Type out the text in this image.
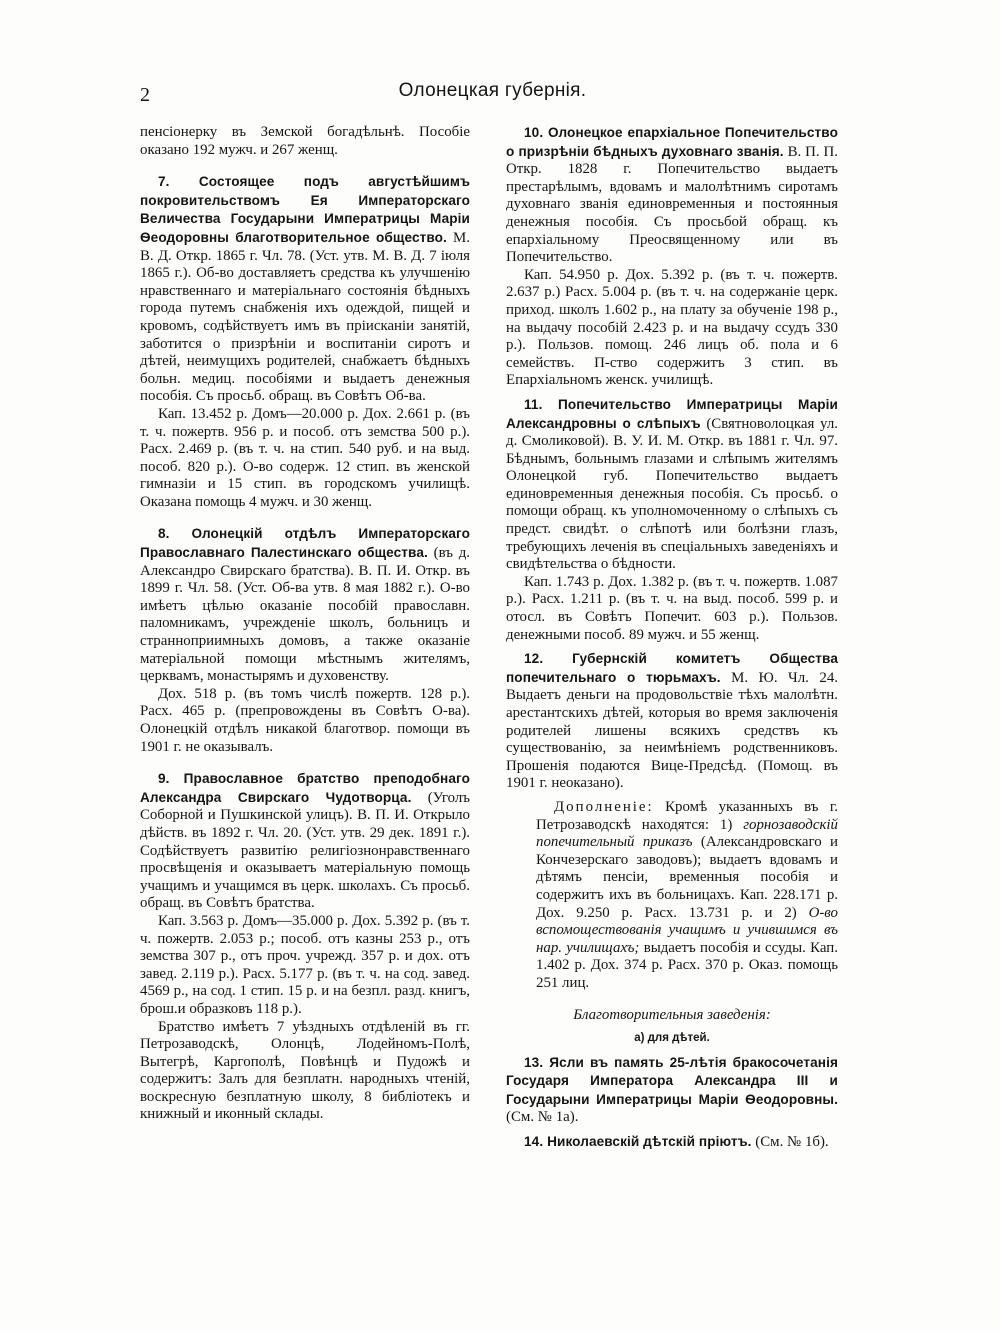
2	Олонецкая губернія.

пенсіонерку въ Земской богадѣльнѣ. Пособіе оказано 192 мужч. и 267 женщ.

7. Состоящее подъ августѣйшимъ покровительствомъ Ея Императорскаго Величества Государыни Императрицы Маріи Ѳеодоровны благотворительное общество. М. В. Д. Откр. 1865 г. Чл. 78. (Уст. утв. М. В. Д. 7 іюля 1865 г.). Об-во доставляетъ средства къ улучшенію нравственнаго и матеріальнаго состоянія бѣдныхъ города путемъ снабженія ихъ одеждой, пищей и кровомъ, содѣйствуетъ имъ въ пріисканіи занятій, заботится о призрѣніи и воспитаніи сиротъ и дѣтей, неимущихъ родителей, снабжаетъ бѣдныхъ больн. медиц. пособіями и выдаетъ денежныя пособія. Съ просьб. обращ. въ Совѣтъ Об-ва.

Кап. 13.452 р. Домъ—20.000 р. Дох. 2.661 р. (въ т. ч. пожертв. 956 р. и пособ. отъ земства 500 р.). Расх. 2.469 р. (въ т. ч. на стип. 540 руб. и на выд. пособ. 820 р.). О-во содерж. 12 стип. въ женской гимназіи и 15 стип. въ городскомъ училищѣ. Оказана помощь 4 мужч. и 30 женщ.

8. Олонецкій отдѣлъ Императорскаго Православнаго Палестинскаго общества. (въ д. Александро Свирскаго братства). В. П. И. Откр. въ 1899 г. Чл. 58. (Уст. Об-ва утв. 8 мая 1882 г.). О-во имѣетъ цѣлью оказаніе пособій православн. паломникамъ, учрежденіе школъ, больницъ и странноприимныхъ домовъ, а также оказаніе матеріальной помощи мѣстнымъ жителямъ, церквамъ, монастырямъ и духовенству.

Дох. 518 р. (въ томъ числѣ пожертв. 128 р.). Расх. 465 р. (препровождены въ Совѣтъ О-ва). Олонецкій отдѣлъ никакой благотвор. помощи въ 1901 г. не оказывалъ.

9. Православное братство преподобнаго Александра Свирскаго Чудотворца. (Уголъ Соборной и Пушкинской улицъ). В. П. И. Открыло дѣйств. въ 1892 г. Чл. 20. (Уст. утв. 29 дек. 1891 г.). Содѣйствуетъ развитію религіознонравственнаго просвѣщенія и оказываетъ матеріальную помощь учащимъ и учащимся въ церк. школахъ. Съ просьб. обращ. въ Совѣтъ братства.

Кап. 3.563 р. Домъ—35.000 р. Дох. 5.392 р. (въ т. ч. пожертв. 2.053 р.; пособ. отъ казны 253 р., отъ земства 307 р., отъ проч. учрежд. 357 р. и дох. отъ завед. 2.119 р.). Расх. 5.177 р. (въ т. ч. на сод. завед. 4569 р., на сод. 1 стип. 15 р. и на безпл. разд. книгъ, брош.и образковъ 118 р.).

Братство имѣетъ 7 уѣздныхъ отдѣленій въ гг. Петрозаводскѣ, Олонцѣ, Лодейномъ-Полѣ, Вытегрѣ, Каргополѣ, Повѣнцѣ и Пудожѣ и содержитъ: Залъ для безплатн. народныхъ чтеній, воскресную безплатную школу, 8 библіотекъ и книжный и иконный склады.

10. Олонецкое епархіальное Попечительство о призрѣніи бѣдныхъ духовнаго званія. В. П. П. Откр. 1828 г. Попечительство выдаетъ престарѣлымъ, вдовамъ и малолѣтнимъ сиротамъ духовнаго званія единовременныя и постоянныя денежныя пособія. Съ просьбой обращ. къ епархіальному Преосвященному или въ Попечительство.

Кап. 54.950 р. Дох. 5.392 р. (въ т. ч. пожертв. 2.637 р.) Расх. 5.004 р. (въ т. ч. на содержаніе церк. приход. школъ 1.602 р., на плату за обученіе 198 р., на выдачу пособій 2.423 р. и на выдачу ссудъ 330 р.). Пользов. помощ. 246 лицъ об. пола и 6 семействъ. П-ство содержитъ 3 стип. въ Епархіальномъ женск. училищѣ.

11. Попечительство Императрицы Маріи Александровны о слѣпыхъ (Святноволоцкая ул. д. Смоликовой). В. У. И. М. Откр. въ 1881 г. Чл. 97. Бѣднымъ, больнымъ глазами и слѣпымъ жителямъ Олонецкой губ. Попечительство выдаетъ единовременныя денежныя пособія. Съ просьб. о помощи обращ. къ уполномоченному о слѣпыхъ съ предст. свидѣт. о слѣпотѣ или болѣзни глазъ, требующихъ леченія въ спеціальныхъ заведеніяхъ и свидѣтельства о бѣдности.

Кап. 1.743 р. Дох. 1.382 р. (въ т. ч. пожертв. 1.087 р.). Расх. 1.211 р. (въ т. ч. на выд. пособ. 599 р. и отосл. въ Совѣтъ Попечит. 603 р.). Пользов. денежными пособ. 89 мужч. и 55 женщ.

12. Губернскій комитетъ Общества попечительнаго о тюрьмахъ. М. Ю. Чл. 24. Выдаетъ деньги на продовольствіе тѣхъ малолѣтн. арестантскихъ дѣтей, которыя во время заключенія родителей лишены всякихъ средствъ къ существованію, за неимѣніемъ родственниковъ. Прошенія подаются Вице-Предсѣд. (Помощ. въ 1901 г. неоказано).

Дополненіе: Кромѣ указанныхъ въ г. Петрозаводскѣ находятся: 1) горнозаводскій попечительный приказъ (Александровскаго и Кончезерскаго заводовъ); выдаетъ вдовамъ и дѣтямъ пенсіи, временныя пособія и содержитъ ихъ въ больницахъ. Кап. 228.171 р. Дох. 9.250 р. Расх. 13.731 р. и 2) О-во вспомоществованія учащимъ и учившимся въ нар. училищахъ; выдаетъ пособія и ссуды. Кап. 1.402 р. Дох. 374 р. Расх. 370 р. Оказ. помощь 251 лиц.

Благотворительныя заведенія:

а) для дѣтей.

13. Ясли въ память 25-лѣтія бракосочетанія Государя Императора Александра III и Государыни Императрицы Маріи Ѳеодоровны. (См. № 1а).

14. Николаевскій дѣтскій пріютъ. (См. № 1б).
